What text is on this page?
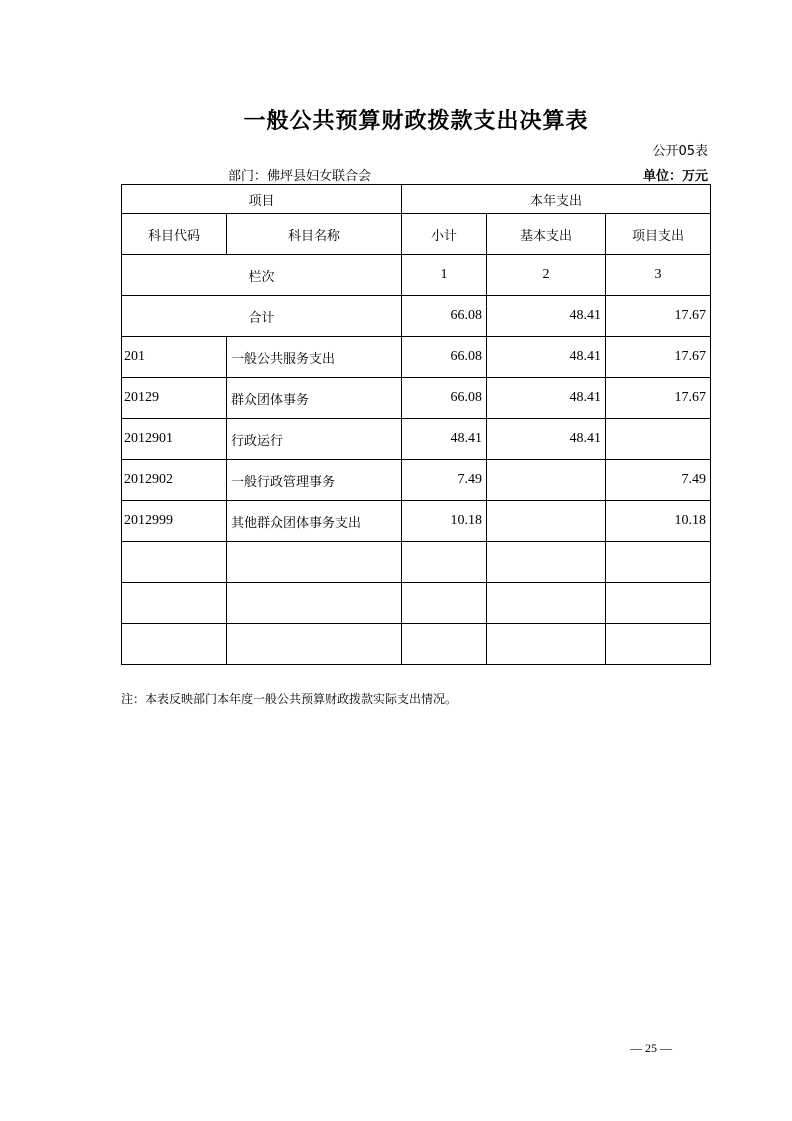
一般公共预算财政拨款支出决算表
公开05表
部门：佛坪县妇女联合会	单位：万元
项目		本年支出		
科目代码	科目名称	小计	基本支出	项目支出
栏次		1	2	3
合计		66.08	48.41	17.67
201	一般公共服务支出	66.08	48.41	17.67
20129	群众团体事务	66.08	48.41	17.67
2012901	行政运行	48.41	48.41	
2012902	一般行政管理事务	7.49		7.49
2012999	其他群众团体事务支出	10.18		10.18

注：本表反映部门本年度一般公共预算财政拨款实际支出情况。
— 25 —
